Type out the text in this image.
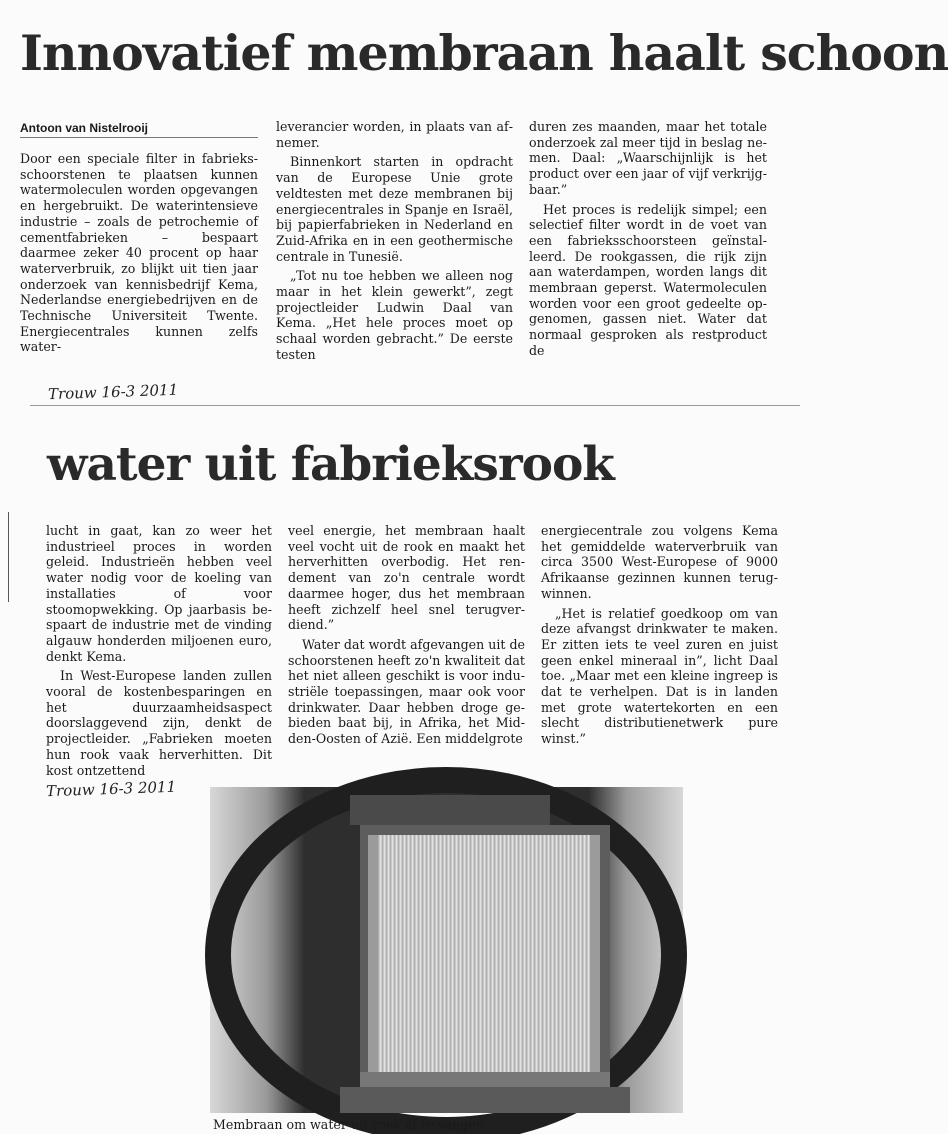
Innovatief membraan haalt schoon

Antoon van Nistelrooij

Door een speciale filter in fabrieksschoorstenen te plaatsen kunnen watermoleculen worden opgevangen en hergebruikt. De waterintensieve industrie – zoals de petrochemie of cementfabrieken – bespaart daarmee zeker 40 procent op haar waterverbruik, zo blijkt uit tien jaar onderzoek van kennisbedrijf Kema, Nederlandse energiebedrijven en de Technische Universiteit Twente. Energiecentrales kunnen zelfs water-

leverancier worden, in plaats van afnemer.

Binnenkort starten in opdracht van de Europese Unie grote veldtesten met deze membranen bij energiecentrales in Spanje en Israël, bij papierfabrieken in Nederland en Zuid-Afrika en in een geothermische centrale in Tunesië.

„Tot nu toe hebben we alleen nog maar in het klein gewerkt”, zegt projectleider Ludwin Daal van Kema. „Het hele proces moet op schaal worden gebracht.” De eerste testen

duren zes maanden, maar het totale onderzoek zal meer tijd in beslag nemen. Daal: „Waarschijnlijk is het product over een jaar of vijf verkrijgbaar.”

Het proces is redelijk simpel; een selectief filter wordt in de voet van een fabrieksschoorsteen geïnstalleerd. De rookgassen, die rijk zijn aan waterdampen, worden langs dit membraan geperst. Watermoleculen worden voor een groot gedeelte opgenomen, gassen niet. Water dat normaal gesproken als restproduct de

Trouw 16-3 2011
water uit fabrieksrook

lucht in gaat, kan zo weer het industrieel proces in worden geleid. Industrieën hebben veel water nodig voor de koeling van installaties of voor stoomopwekking. Op jaarbasis bespaart de industrie met de vinding algauw honderden miljoenen euro, denkt Kema.

In West-Europese landen zullen vooral de kostenbesparingen en het duurzaamheidsaspect doorslaggevend zijn, denkt de projectleider. „Fabrieken moeten hun rook vaak herverhitten. Dit kost ontzettend

veel energie, het membraan haalt veel vocht uit de rook en maakt het herverhitten overbodig. Het rendement van zo'n centrale wordt daarmee hoger, dus het membraan heeft zichzelf heel snel terugverdiend.”

Water dat wordt afgevangen uit de schoorstenen heeft zo'n kwaliteit dat het niet alleen geschikt is voor industriële toepassingen, maar ook voor drinkwater. Daar hebben droge gebieden baat bij, in Afrika, het Midden-Oosten of Azië. Een middelgrote

energiecentrale zou volgens Kema het gemiddelde waterverbruik van circa 3500 West-Europese of 9000 Afrikaanse gezinnen kunnen terugwinnen.

„Het is relatief goedkoop om van deze afvangst drinkwater te maken. Er zitten iets te veel zuren en juist geen enkel mineraal in”, licht Daal toe. „Maar met een kleine ingreep is dat te verhelpen. Dat is in landen met grote watertekorten en een slecht distributienetwerk pure winst.”

Trouw 16-3 2011

Membraan om water uit rook af te vangen.
